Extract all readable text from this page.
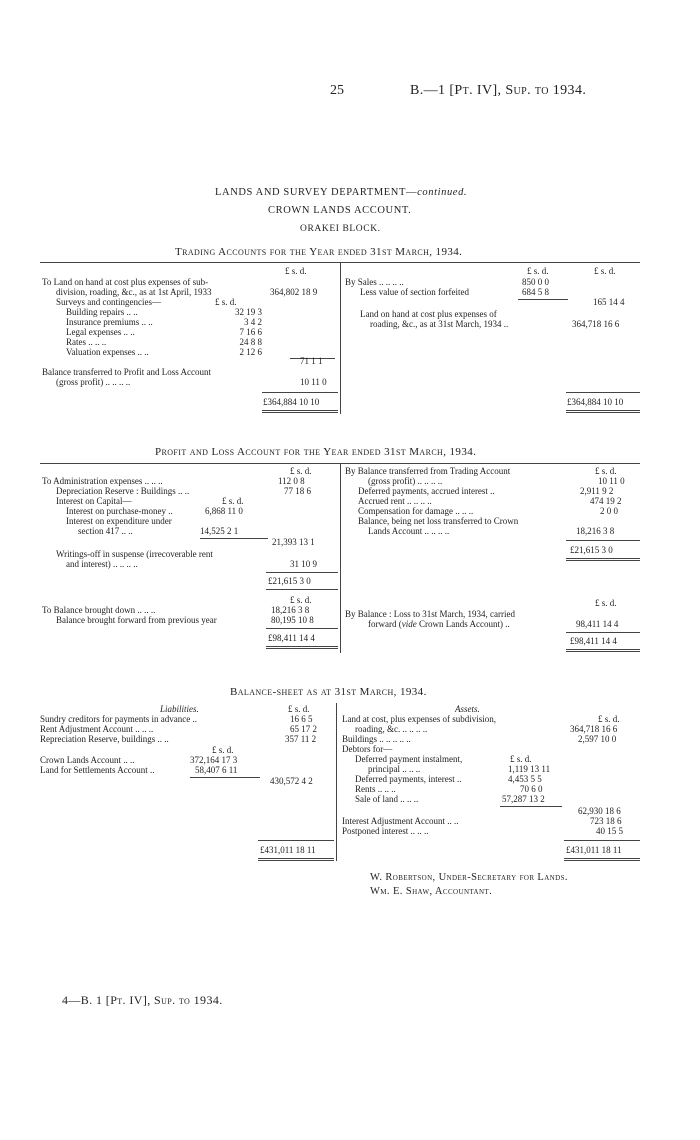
25	B.—1 [Pt. IV], Sup. to 1934.
LANDS AND SURVEY DEPARTMENT—continued.
CROWN LANDS ACCOUNT.
ORAKEI BLOCK.
Trading Accounts for the Year ended 31st March, 1934.
£ s. d.
To Land on hand at cost plus expenses of sub-
division, roading, &c., as at 1st April, 1933	364,802 18 9
Surveys and contingencies—	£ s. d.
Building repairs .. ..	32 19 3
Insurance premiums .. ..	3 4 2
Legal expenses .. ..	7 16 6
Rates .. .. ..	24 8 8
Valuation expenses .. ..	2 12 6
71 1 1
Balance transferred to Profit and Loss Account
(gross profit) .. .. .. ..	10 11 0
£364,884 10 10
£ s. d.	£ s. d.
By Sales .. .. .. ..	850 0 0
Less value of section forfeited	684 5 8
165 14 4
Land on hand at cost plus expenses of
roading, &c., as at 31st March, 1934 ..	364,718 16 6
£364,884 10 10
Profit and Loss Account for the Year ended 31st March, 1934.
£ s. d.
To Administration expenses .. .. ..	112 0 8
Depreciation Reserve : Buildings .. ..	77 18 6
Interest on Capital—	£ s. d.
Interest on purchase-money ..	6,868 11 0
Interest on expenditure under
section 417 .. ..	14,525 2 1
21,393 13 1
Writings-off in suspense (irrecoverable rent
and interest) .. .. .. ..	31 10 9
£21,615 3 0
£ s. d.
To Balance brought down .. .. ..	18,216 3 8
Balance brought forward from previous year	80,195 10 8
£98,411 14 4
£ s. d.
By Balance transferred from Trading Account
(gross profit) .. .. .. ..	10 11 0
Deferred payments, accrued interest ..	2,911 9 2
Accrued rent .. .. .. ..	474 19 2
Compensation for damage .. .. ..	2 0 0
Balance, being net loss transferred to Crown
Lands Account .. .. .. ..	18,216 3 8
£21,615 3 0
£ s. d.
By Balance : Loss to 31st March, 1934, carried
forward (vide Crown Lands Account) ..	98,411 14 4
£98,411 14 4
Balance-sheet as at 31st March, 1934.
Liabilities.	£ s. d.
Sundry creditors for payments in advance ..	16 6 5
Rent Adjustment Account .. .. ..	65 17 2
Repreciation Reserve, buildings .. ..	357 11 2
£ s. d.
Crown Lands Account .. ..	372,164 17 3
Land for Settlements Account ..	58,407 6 11
430,572 4 2
£431,011 18 11
Assets.
£ s. d.
Land at cost, plus expenses of subdivision,
roading, &c. .. .. .. ..	364,718 16 6
Buildings .. .. .. .. ..	2,597 10 0
Debtors for—
£ s. d.
Deferred payment instalment,
principal .. .. ..	1,119 13 11
Deferred payments, interest ..	4,453 5 5
Rents .. .. ..	70 6 0
Sale of land .. .. ..	57,287 13 2
62,930 18 6
Interest Adjustment Account .. ..	723 18 6
Postponed interest .. .. ..	40 15 5
£431,011 18 11
W. Robertson, Under-Secretary for Lands.
Wm. E. Shaw, Accountant.
4—B. 1 [Pt. IV], Sup. to 1934.
